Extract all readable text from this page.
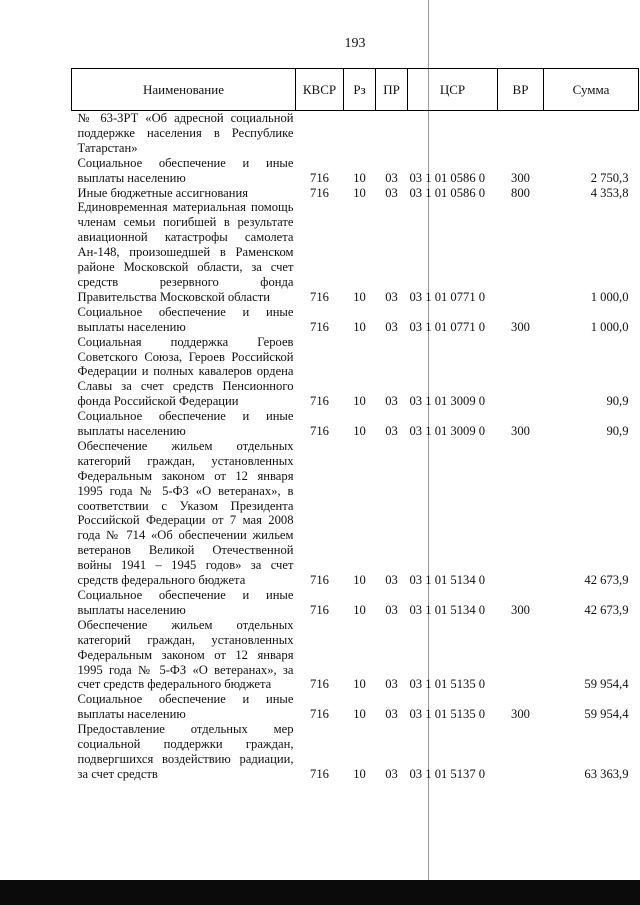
193
Наименование	КВСР	Рз	ПР	ЦСР	ВР	Сумма
№ 63-ЗРТ «Об адресной социальной поддержке населения в Республике Татарстан»						
Социальное обеспечение и иные выплаты населению	716	10	03	03 1 01 0586 0	300	2 750,3
Иные бюджетные ассигнования	716	10	03	03 1 01 0586 0	800	4 353,8
Единовременная материальная помощь членам семьи погибшей в результате авиационной катастрофы самолета Ан-148, произошедшей в Раменском районе Московской области, за счет средств резервного фонда Правительства Московской области	716	10	03	03 1 01 0771 0		1 000,0
Социальное обеспечение и иные выплаты населению	716	10	03	03 1 01 0771 0	300	1 000,0
Социальная поддержка Героев Советского Союза, Героев Российской Федерации и полных кавалеров ордена Славы за счет средств Пенсионного фонда Российской Федерации	716	10	03	03 1 01 3009 0		90,9
Социальное обеспечение и иные выплаты населению	716	10	03	03 1 01 3009 0	300	90,9
Обеспечение жильем отдельных категорий граждан, установленных Федеральным законом от 12 января 1995 года № 5-ФЗ «О ветеранах», в соответствии с Указом Президента Российской Федерации от 7 мая 2008 года № 714 «Об обеспечении жильем ветеранов Великой Отечественной войны 1941 – 1945 годов» за счет средств федерального бюджета	716	10	03	03 1 01 5134 0		42 673,9
Социальное обеспечение и иные выплаты населению	716	10	03	03 1 01 5134 0	300	42 673,9
Обеспечение жильем отдельных категорий граждан, установленных Федеральным законом от 12 января 1995 года № 5-ФЗ «О ветеранах», за счет средств федерального бюджета	716	10	03	03 1 01 5135 0		59 954,4
Социальное обеспечение и иные выплаты населению	716	10	03	03 1 01 5135 0	300	59 954,4
Предоставление отдельных мер социальной поддержки граждан, подвергшихся воздействию радиации, за счет средств	716	10	03	03 1 01 5137 0		63 363,9
